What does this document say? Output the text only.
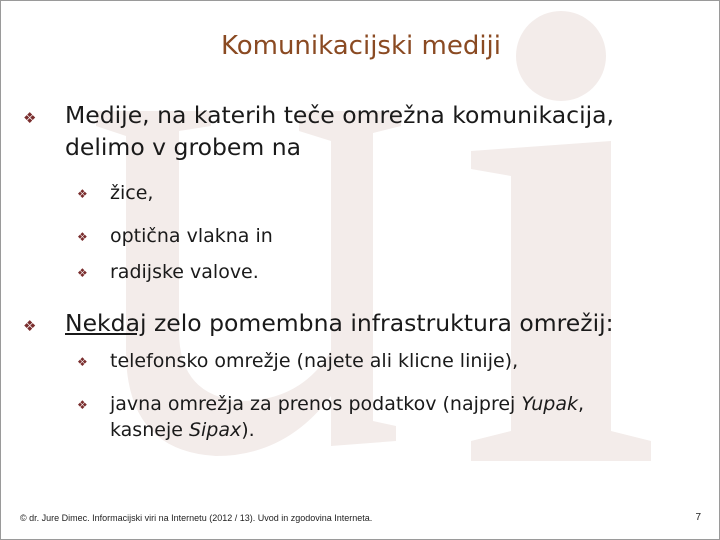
Komunikacijski mediji
❖	Medije, na katerih teče omrežna komunikacija,
delimo v grobem na
❖	žice,
❖	optična vlakna in
❖	radijske valove.
❖	Nekdaj zelo pomembna infrastruktura omrežij:
❖	telefonsko omrežje (najete ali klicne linije),
❖	javna omrežja za prenos podatkov (najprej Yupak,
kasneje Sipax).
© dr. Jure Dimec. Informacijski viri na Internetu (2012 / 13). Uvod in zgodovina Interneta.	7
